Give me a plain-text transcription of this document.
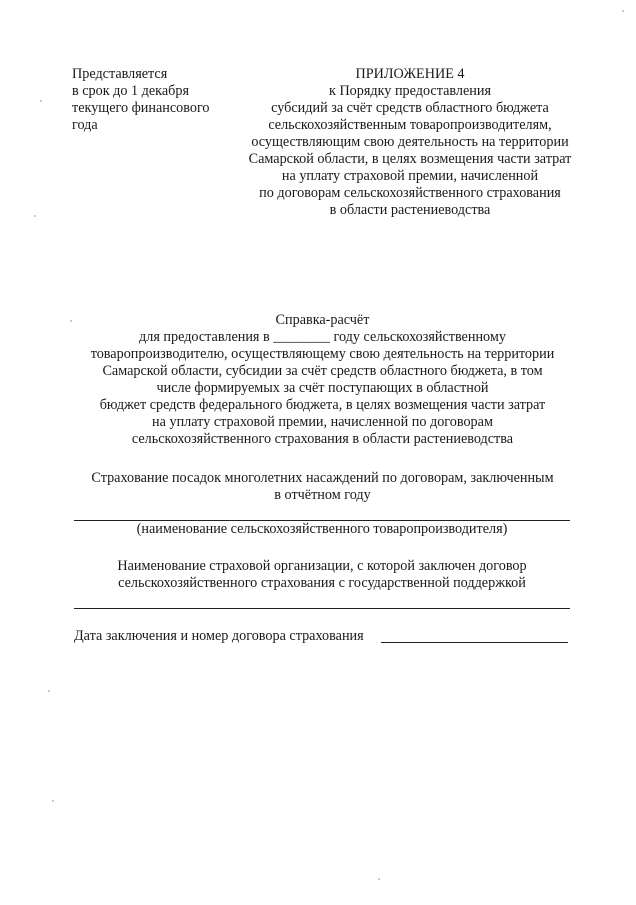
Представляется
в срок до 1 декабря
текущего финансового
года
ПРИЛОЖЕНИЕ 4
к Порядку предоставления
субсидий за счёт средств областного бюджета
сельскохозяйственным товаропроизводителям,
осуществляющим свою деятельность на территории
Самарской области, в целях возмещения части затрат
на уплату страховой премии, начисленной
по договорам сельскохозяйственного страхования
в области растениеводства
Справка-расчёт
для предоставления в ________ году сельскохозяйственному
товаропроизводителю, осуществляющему свою деятельность на территории
Самарской области, субсидии за счёт средств областного бюджета, в том
числе формируемых за счёт поступающих в областной
бюджет средств федерального бюджета, в целях возмещения части затрат
на уплату страховой премии, начисленной по договорам
сельскохозяйственного страхования в области растениеводства
Страхование посадок многолетних насаждений по договорам, заключенным
в отчётном году
(наименование сельскохозяйственного товаропроизводителя)
Наименование страховой организации, с которой заключен договор
сельскохозяйственного страхования с государственной поддержкой
Дата заключения и номер договора страхования
